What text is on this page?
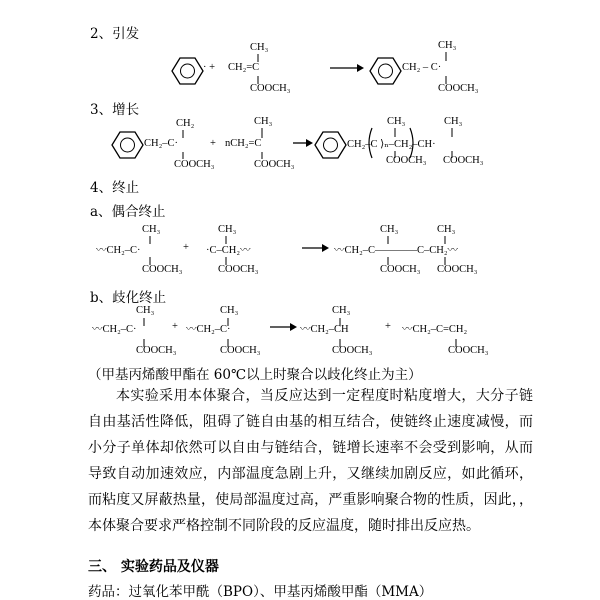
2、引发
3、增长
4、终止
a、偶合终止
b、歧化终止
· + CH₂=C
CH₃
COOCH₃
CH₂ – C·
CH₃
COOCH₃
CH₂–C·
CH₂
COOCH₃
+ nCH₂=C
CH₃
COOCH₃
CH₂–C ⟩ₙ–CH₂–CH·
CH₃
COOCH₃
CH₃
COOCH₃
〰CH₂–C·
CH₃
COOCH₃
+ ·C–CH₂〰
CH₃
COOCH₃
〰CH₂–C————C–CH₂〰
CH₃
COOCH₃
CH₃
COOCH₃
〰CH₂–C·
CH₃
COOCH₃
+ 〰CH₂–C·
CH₃
COOCH₃
〰CH₂–CH
CH₃
COOCH₃
+ 〰CH₂–C=CH₂
COOCH₃
（甲基丙烯酸甲酯在 60℃以上时聚合以歧化终止为主）
本实验采用本体聚合，当反应达到一定程度时粘度增大，大分子链自由基活性降低，阻碍了链自由基的相互结合，使链终止速度减慢，而小分子单体却依然可以自由与链结合，链增长速率不会受到影响，从而导致自动加速效应，内部温度急剧上升，又继续加剧反应，如此循环，而粘度又屏蔽热量，使局部温度过高，严重影响聚合物的性质，因此，，本体聚合要求严格控制不同阶段的反应温度，随时排出反应热。
三、 实验药品及仪器
药品：过氧化苯甲酰（BPO）、甲基丙烯酸甲酯（MMA）
